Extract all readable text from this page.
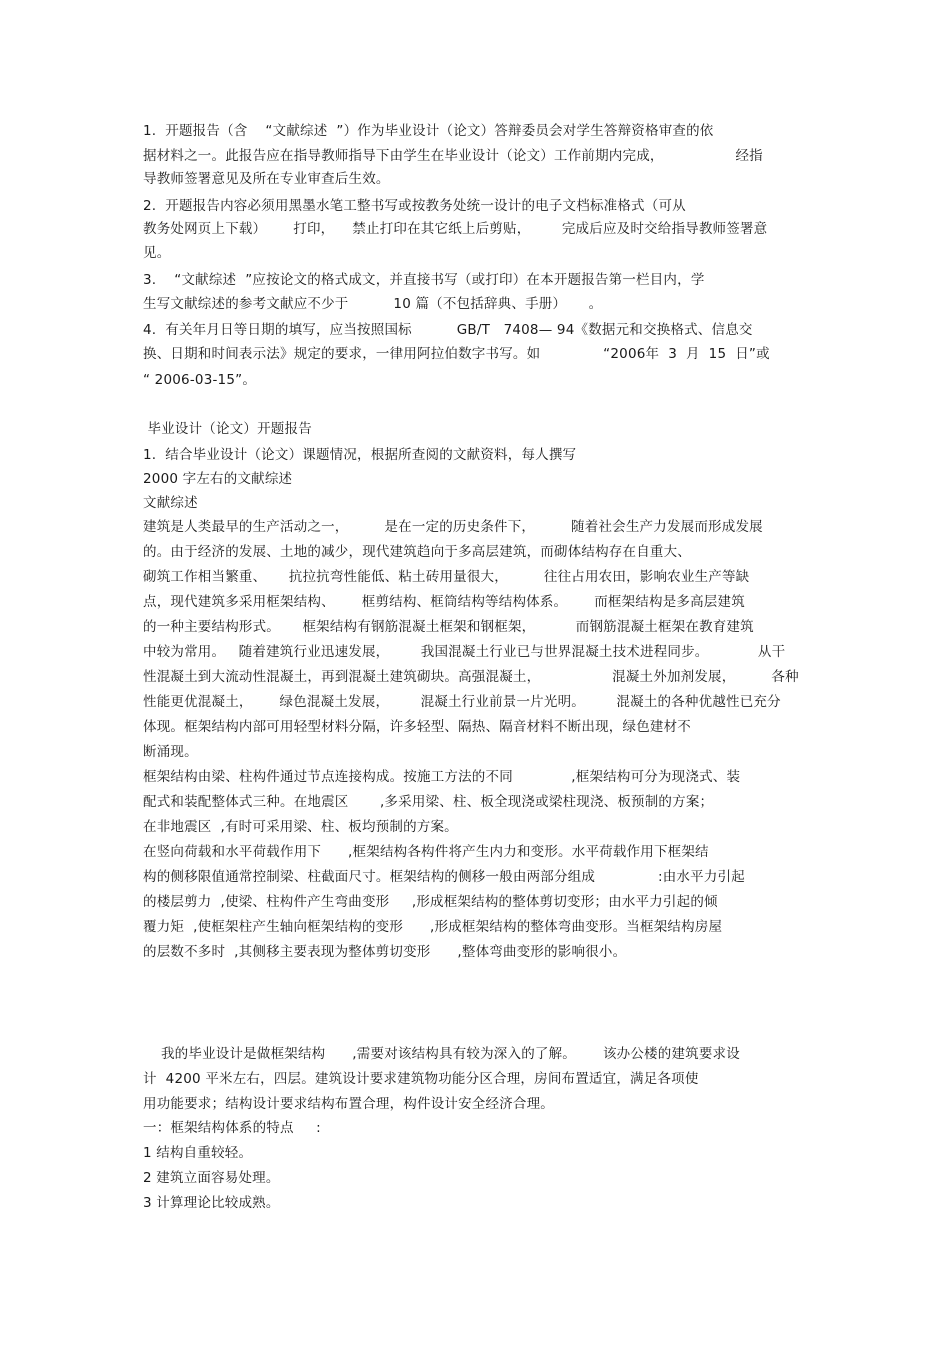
1.  开题报告（含    “文献综述  ”）作为毕业设计（论文）答辩委员会对学生答辩资格审查的依

据材料之一。此报告应在指导教师指导下由学生在毕业设计（论文）工作前期内完成，                经指

导教师签署意见及所在专业审查后生效。

2.  开题报告内容必须用黑墨水笔工整书写或按教务处统一设计的电子文档标准格式（可从

教务处网页上下载）      打印，    禁止打印在其它纸上后剪贴，       完成后应及时交给指导教师签署意

见。

3.    “文献综述  ”应按论文的格式成文，并直接书写（或打印）在本开题报告第一栏目内，学

生写文献综述的参考文献应不少于          10 篇（不包括辞典、手册）     。

4.  有关年月日等日期的填写，应当按照国标          GB/T   7408— 94《数据元和交换格式、信息交

换、日期和时间表示法》规定的要求，一律用阿拉伯数字书写。如              “2006年  3  月  15  日”或

“ 2006-03-15”。

毕业设计（论文）开题报告

1.  结合毕业设计（论文）课题情况，根据所查阅的文献资料，每人撰写

2000 字左右的文献综述

文献综述

建筑是人类最早的生产活动之一，        是在一定的历史条件下，        随着社会生产力发展而形成发展

的。由于经济的发展、土地的减少，现代建筑趋向于多高层建筑，而砌体结构存在自重大、

砌筑工作相当繁重、     抗拉抗弯性能低、粘土砖用量很大，        往往占用农田，影响农业生产等缺

点，现代建筑多采用框架结构、      框剪结构、框筒结构等结构体系。      而框架结构是多高层建筑

的一种主要结构形式。     框架结构有钢筋混凝土框架和钢框架，         而钢筋混凝土框架在教育建筑

中较为常用。   随着建筑行业迅速发展，       我国混凝土行业已与世界混凝土技术进程同步。           从干

性混凝土到大流动性混凝土，再到混凝土建筑砌块。高强混凝土，                混凝土外加剂发展，        各种

性能更优混凝土，      绿色混凝土发展，       混凝土行业前景一片光明。       混凝土的各种优越性已充分

体现。框架结构内部可用轻型材料分隔，许多轻型、隔热、隔音材料不断出现，绿色建材不

断涌现。

框架结构由梁、柱构件通过节点连接构成。按施工方法的不同             ,框架结构可分为现浇式、装

配式和装配整体式三种。在地震区       ,多采用梁、柱、板全现浇或梁柱现浇、板预制的方案；

在非地震区  ,有时可采用梁、柱、板均预制的方案。

在竖向荷载和水平荷载作用下      ,框架结构各构件将产生内力和变形。水平荷载作用下框架结

构的侧移限值通常控制梁、柱截面尺寸。框架结构的侧移一般由两部分组成              :由水平力引起

的楼层剪力  ,使梁、柱构件产生弯曲变形     ,形成框架结构的整体剪切变形；由水平力引起的倾

覆力矩  ,使框架柱产生轴向框架结构的变形      ,形成框架结构的整体弯曲变形。当框架结构房屋

的层数不多时  ,其侧移主要表现为整体剪切变形      ,整体弯曲变形的影响很小。

我的毕业设计是做框架结构      ,需要对该结构具有较为深入的了解。      该办公楼的建筑要求设

计  4200 平米左右，四层。建筑设计要求建筑物功能分区合理，房间布置适宜，满足各项使

用功能要求；结构设计要求结构布置合理，构件设计安全经济合理。

一：框架结构体系的特点     :

1 结构自重较轻。

2 建筑立面容易处理。

3 计算理论比较成熟。
